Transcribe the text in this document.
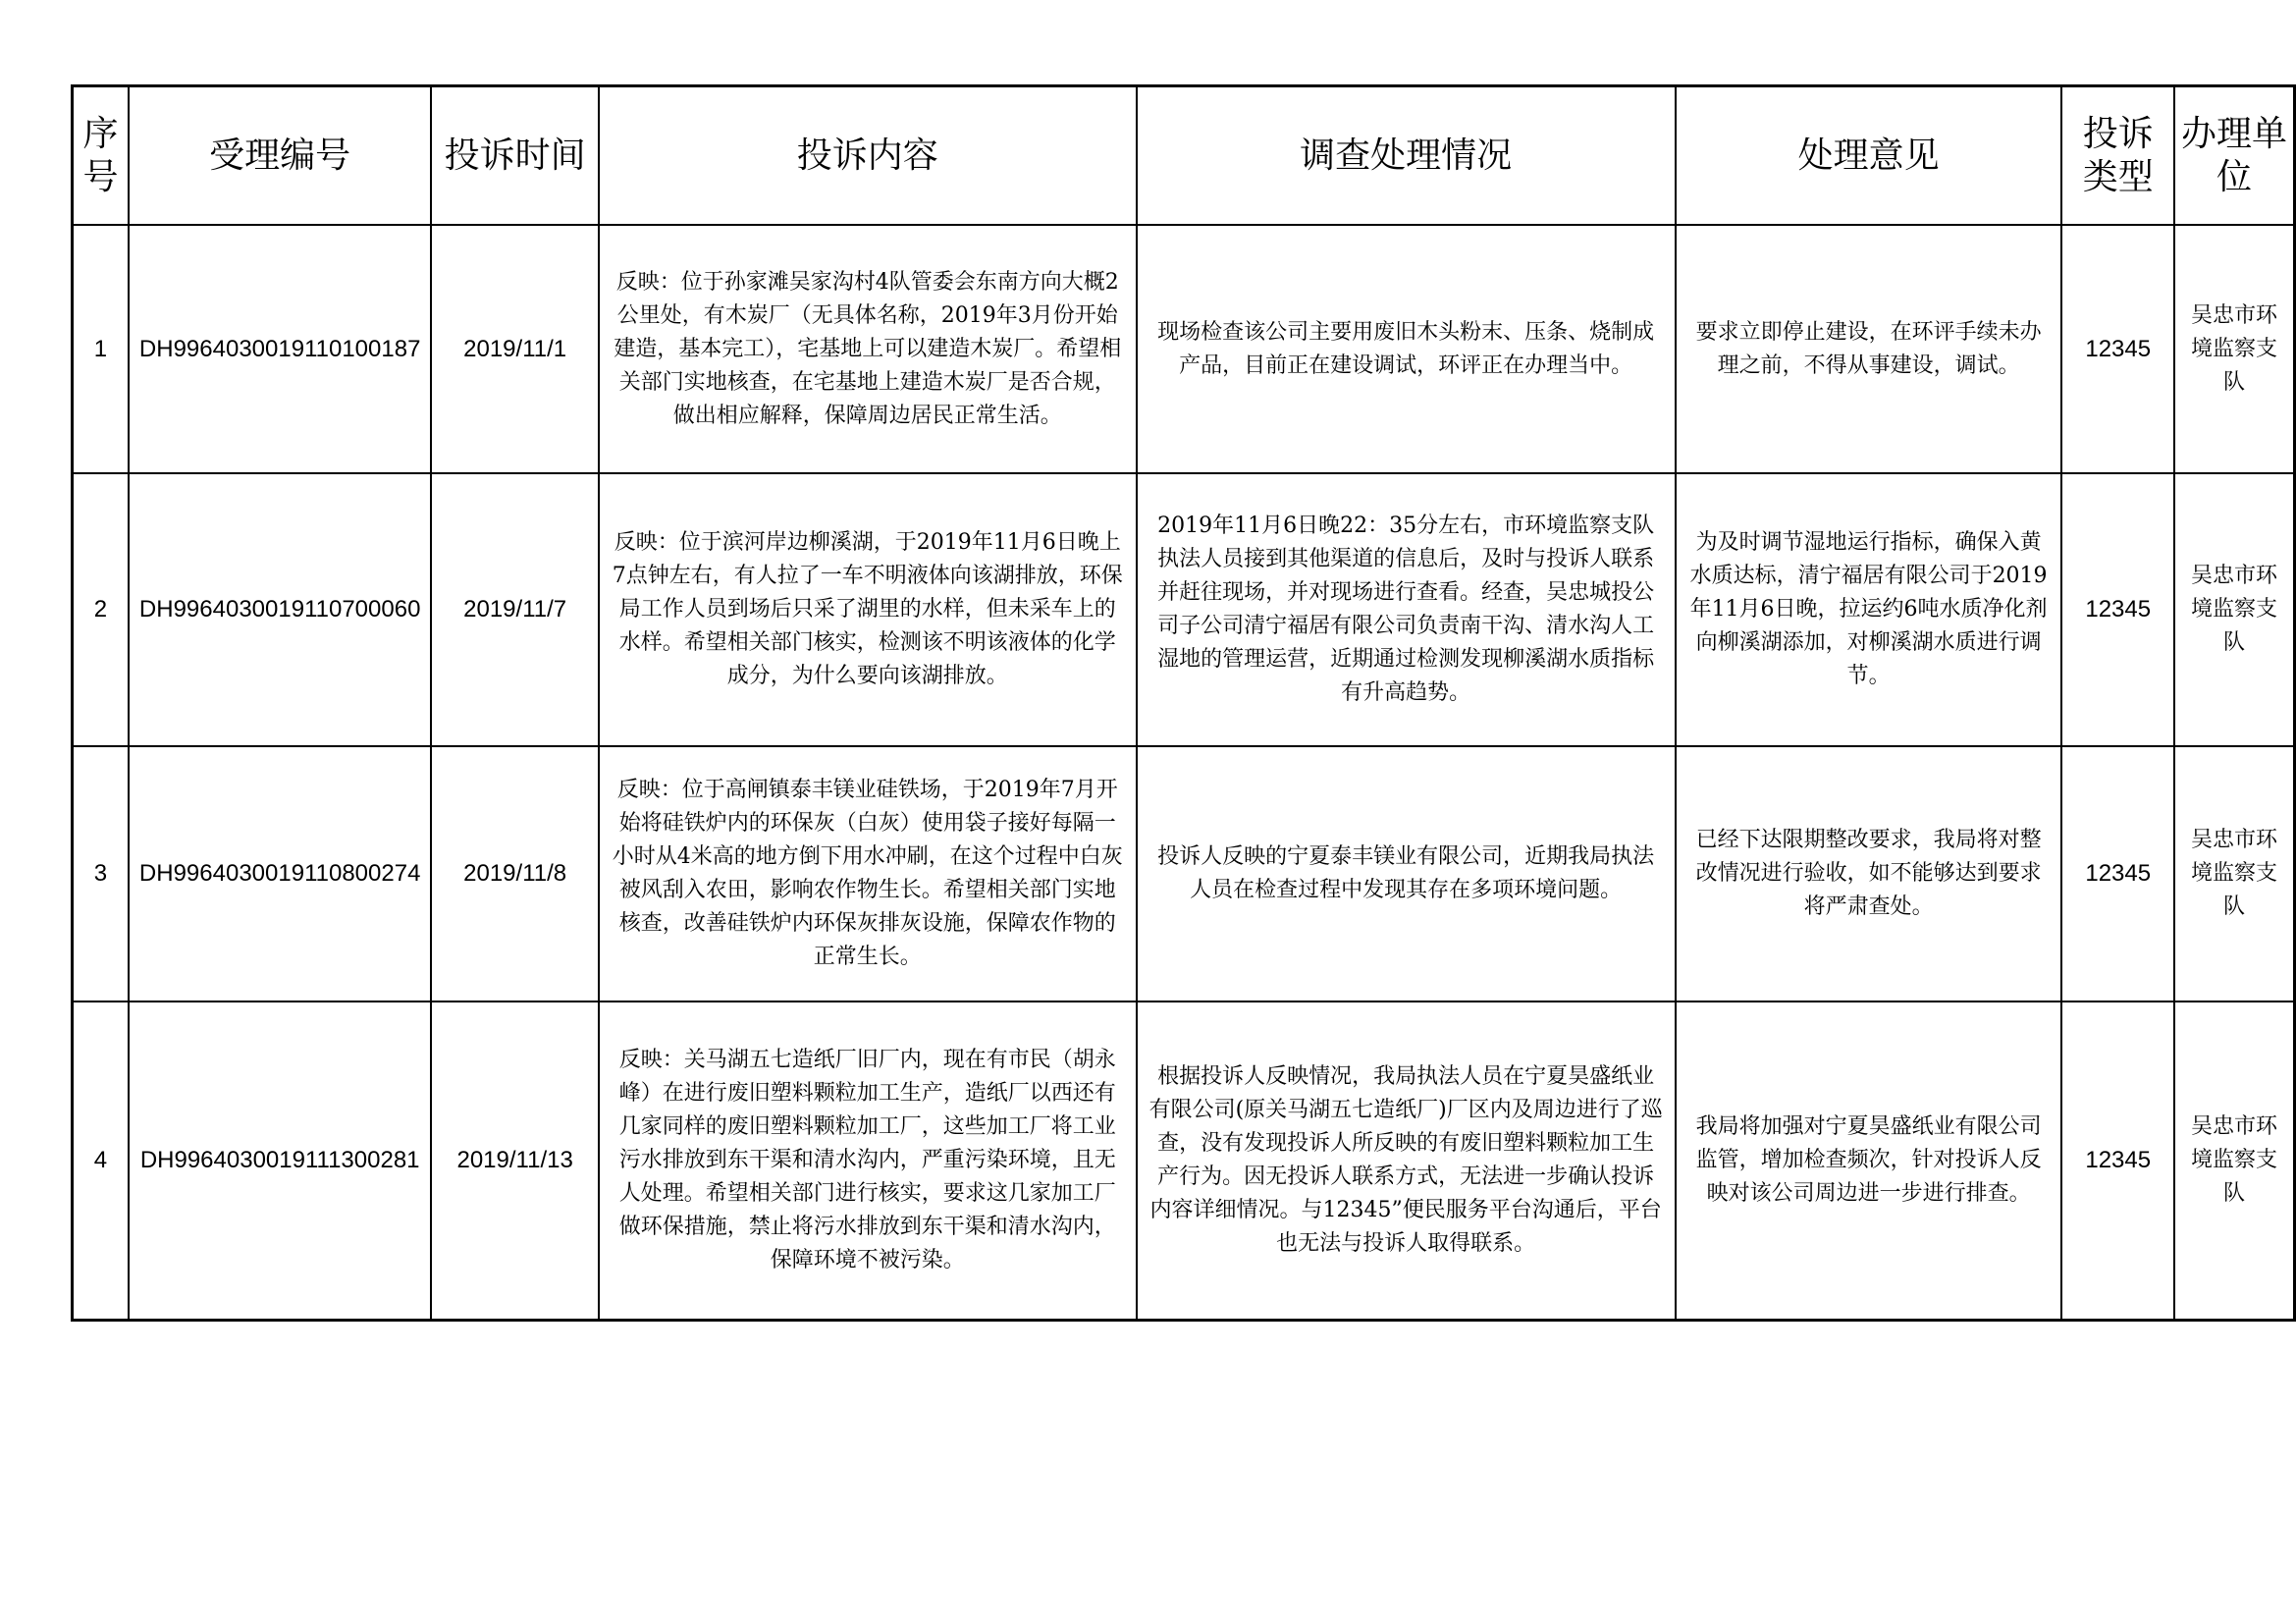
序号	受理编号	投诉时间	投诉内容	调查处理情况	处理意见	投诉类型	办理单位
1	DH9964030019110100187	2019/11/1	反映：位于孙家滩吴家沟村4队管委会东南方向大概2公里处，有木炭厂（无具体名称，2019年3月份开始建造，基本完工），宅基地上可以建造木炭厂。希望相关部门实地核查，在宅基地上建造木炭厂是否合规，做出相应解释，保障周边居民正常生活。	现场检查该公司主要用废旧木头粉末、压条、烧制成产品，目前正在建设调试，环评正在办理当中。	要求立即停止建设，在环评手续未办理之前，不得从事建设，调试。	12345	吴忠市环境监察支队
2	DH9964030019110700060	2019/11/7	反映：位于滨河岸边柳溪湖，于2019年11月6日晚上7点钟左右，有人拉了一车不明液体向该湖排放，环保局工作人员到场后只采了湖里的水样，但未采车上的水样。希望相关部门核实，检测该不明该液体的化学成分，为什么要向该湖排放。	2019年11月6日晚22：35分左右，市环境监察支队执法人员接到其他渠道的信息后，及时与投诉人联系并赶往现场，并对现场进行查看。经查，吴忠城投公司子公司清宁福居有限公司负责南干沟、清水沟人工湿地的管理运营，近期通过检测发现柳溪湖水质指标有升高趋势。	为及时调节湿地运行指标，确保入黄水质达标，清宁福居有限公司于2019年11月6日晚，拉运约6吨水质净化剂向柳溪湖添加，对柳溪湖水质进行调节。	12345	吴忠市环境监察支队
3	DH9964030019110800274	2019/11/8	反映：位于高闸镇泰丰镁业硅铁场，于2019年7月开始将硅铁炉内的环保灰（白灰）使用袋子接好每隔一小时从4米高的地方倒下用水冲刷，在这个过程中白灰被风刮入农田，影响农作物生长。希望相关部门实地核查，改善硅铁炉内环保灰排灰设施，保障农作物的正常生长。	投诉人反映的宁夏泰丰镁业有限公司，近期我局执法人员在检查过程中发现其存在多项环境问题。	已经下达限期整改要求，我局将对整改情况进行验收，如不能够达到要求将严肃查处。	12345	吴忠市环境监察支队
4	DH9964030019111300281	2019/11/13	反映：关马湖五七造纸厂旧厂内，现在有市民（胡永峰）在进行废旧塑料颗粒加工生产，造纸厂以西还有几家同样的废旧塑料颗粒加工厂，这些加工厂将工业污水排放到东干渠和清水沟内，严重污染环境，且无人处理。希望相关部门进行核实，要求这几家加工厂做环保措施，禁止将污水排放到东干渠和清水沟内，保障环境不被污染。	根据投诉人反映情况，我局执法人员在宁夏昊盛纸业有限公司(原关马湖五七造纸厂)厂区内及周边进行了巡查，没有发现投诉人所反映的有废旧塑料颗粒加工生产行为。因无投诉人联系方式，无法进一步确认投诉内容详细情况。与12345”便民服务平台沟通后，平台也无法与投诉人取得联系。	我局将加强对宁夏昊盛纸业有限公司监管，增加检查频次，针对投诉人反映对该公司周边进一步进行排查。	12345	吴忠市环境监察支队
